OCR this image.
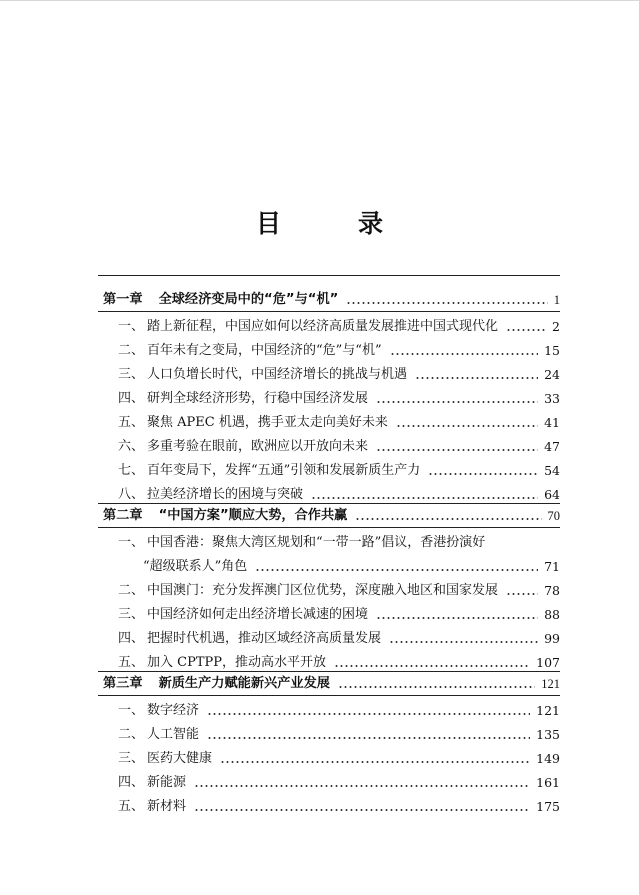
目　录
第一章 全球经济变局中的“危”与“机”	1
一、 踏上新征程，中国应如何以经济高质量发展推进中国式现代化	2
二、 百年未有之变局，中国经济的“危”与“机”	15
三、 人口负增长时代，中国经济增长的挑战与机遇	24
四、 研判全球经济形势，行稳中国经济发展	33
五、 聚焦 APEC 机遇，携手亚太走向美好未来	41
六、 多重考验在眼前，欧洲应以开放向未来	47
七、 百年变局下，发挥“五通”引领和发展新质生产力	54
八、 拉美经济增长的困境与突破	64
第二章 “中国方案”顺应大势，合作共赢	70
一、 中国香港：聚焦大湾区规划和“一带一路”倡议，香港扮演好
“超级联系人”角色	71
二、 中国澳门：充分发挥澳门区位优势，深度融入地区和国家发展	78
三、 中国经济如何走出经济增长减速的困境	88
四、 把握时代机遇，推动区域经济高质量发展	99
五、 加入 CPTPP，推动高水平开放	107
第三章 新质生产力赋能新兴产业发展	121
一、 数字经济	121
二、 人工智能	135
三、 医药大健康	149
四、 新能源	161
五、 新材料	175
